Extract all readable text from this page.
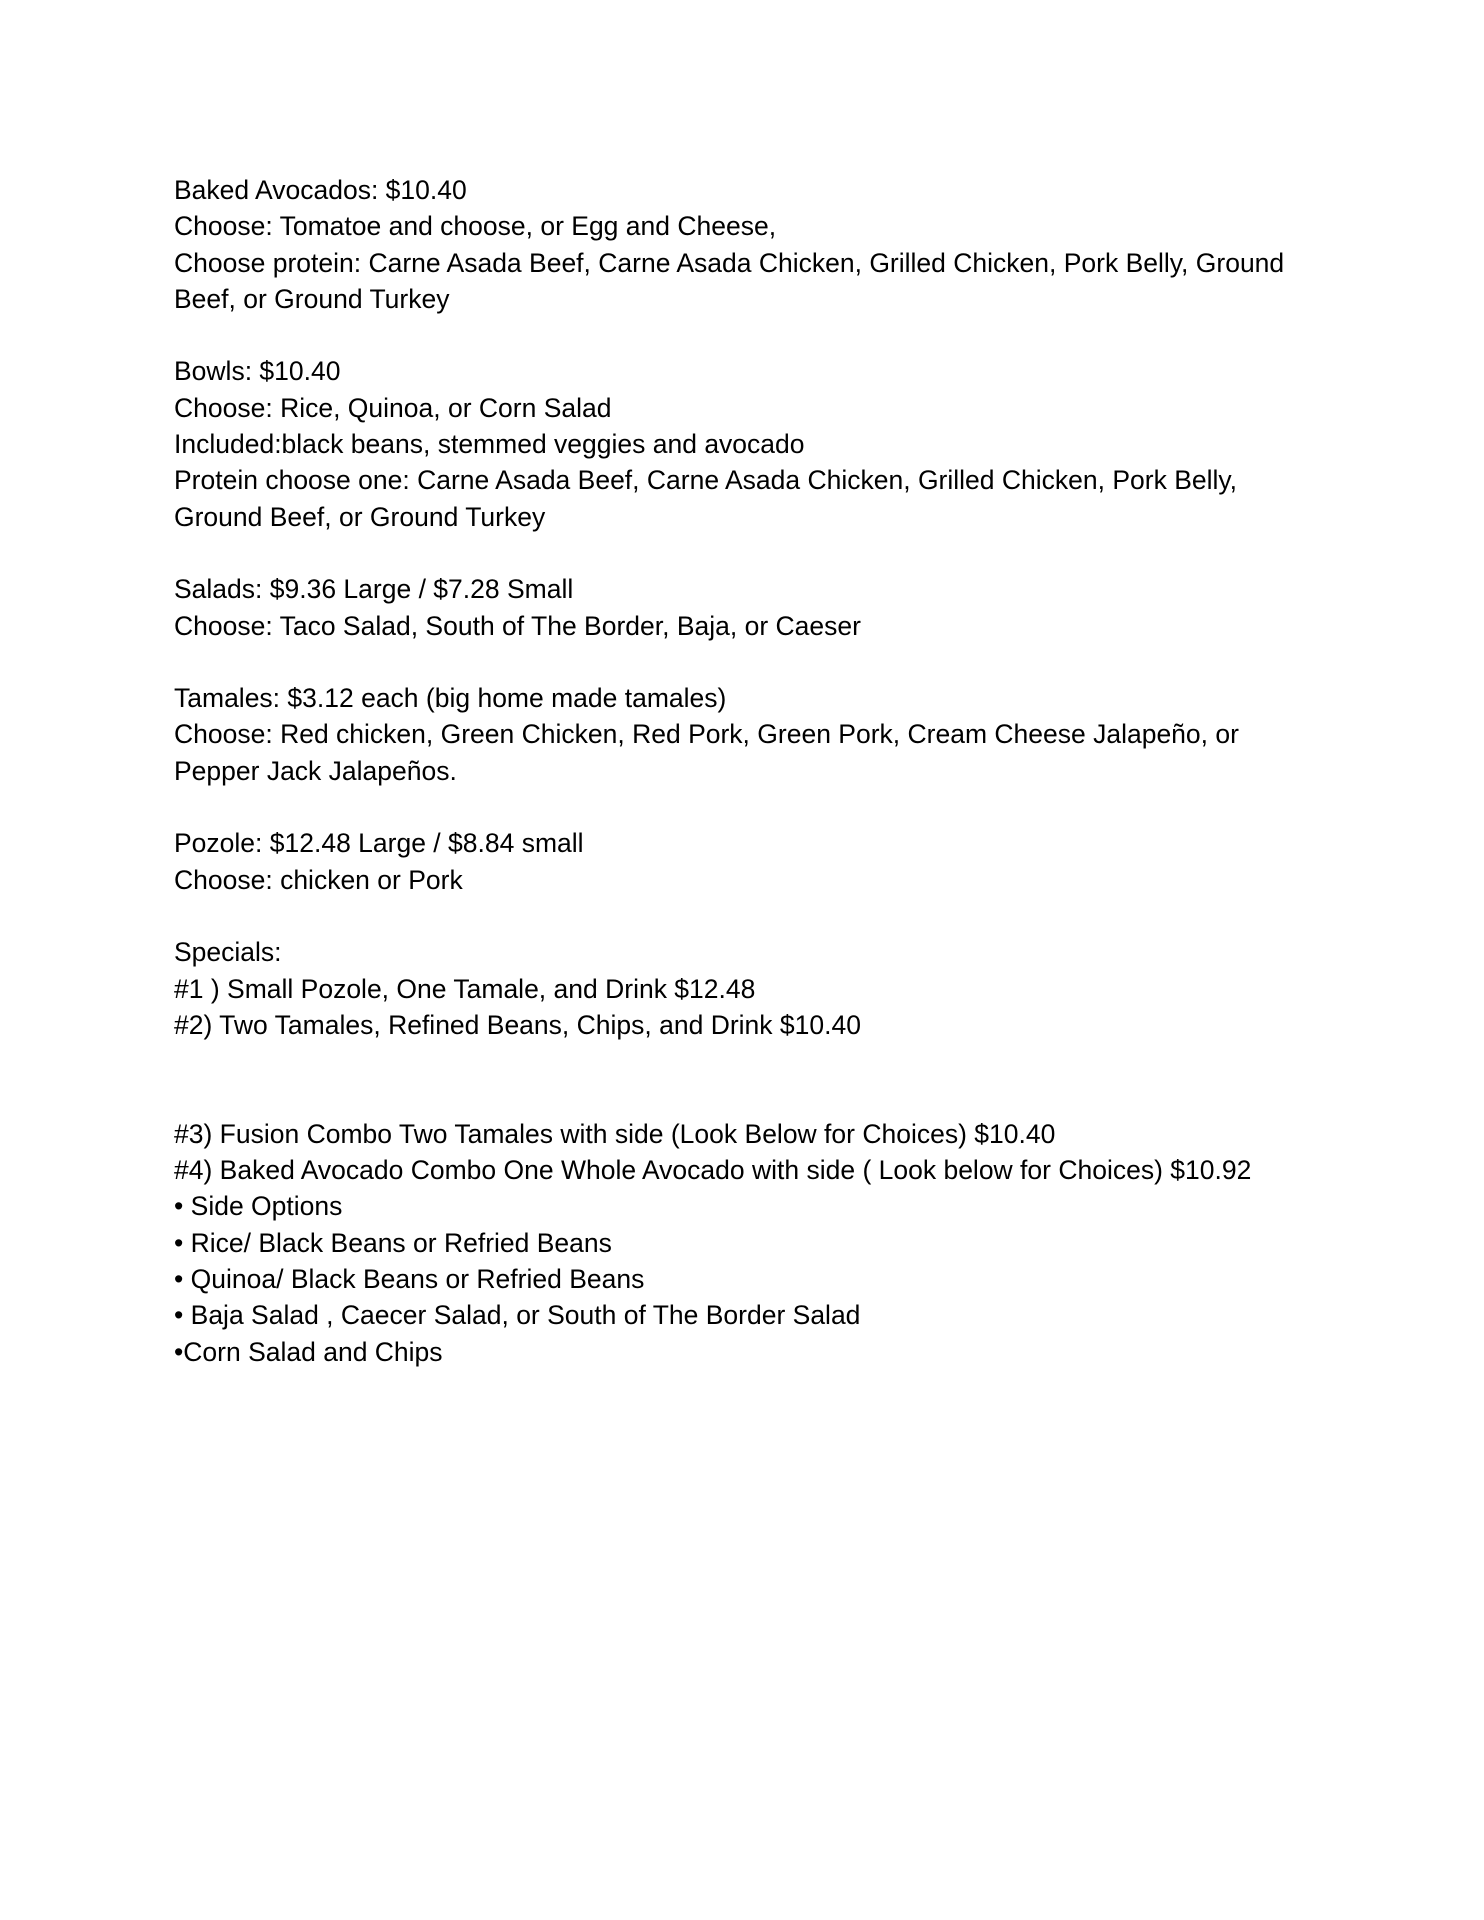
Baked Avocados: $10.40

Choose: Tomatoe and choose, or Egg and Cheese,

Choose protein: Carne Asada Beef, Carne Asada Chicken, Grilled Chicken, Pork Belly, Ground

Beef, or Ground Turkey

Bowls: $10.40

Choose: Rice, Quinoa, or Corn Salad

Included:black beans, stemmed veggies and avocado

Protein choose one: Carne Asada Beef, Carne Asada Chicken, Grilled Chicken, Pork Belly,

Ground Beef, or Ground Turkey

Salads: $9.36 Large / $7.28 Small

Choose: Taco Salad, South of The Border, Baja, or Caeser

Tamales: $3.12 each (big home made tamales)

Choose: Red chicken, Green Chicken, Red Pork, Green Pork, Cream Cheese Jalapeño, or

Pepper Jack Jalapeños.

Pozole: $12.48 Large / $8.84 small

Choose: chicken or Pork

Specials:

#1 ) Small Pozole, One Tamale, and Drink $12.48

#2) Two Tamales, Refined Beans, Chips, and Drink $10.40

#3) Fusion Combo Two Tamales with side (Look Below for Choices) $10.40

#4) Baked Avocado Combo One Whole Avocado with side ( Look below for Choices) $10.92

• Side Options

• Rice/ Black Beans or Refried Beans

• Quinoa/ Black Beans or Refried Beans

• Baja Salad , Caecer Salad, or South of The Border Salad

•Corn Salad and Chips
